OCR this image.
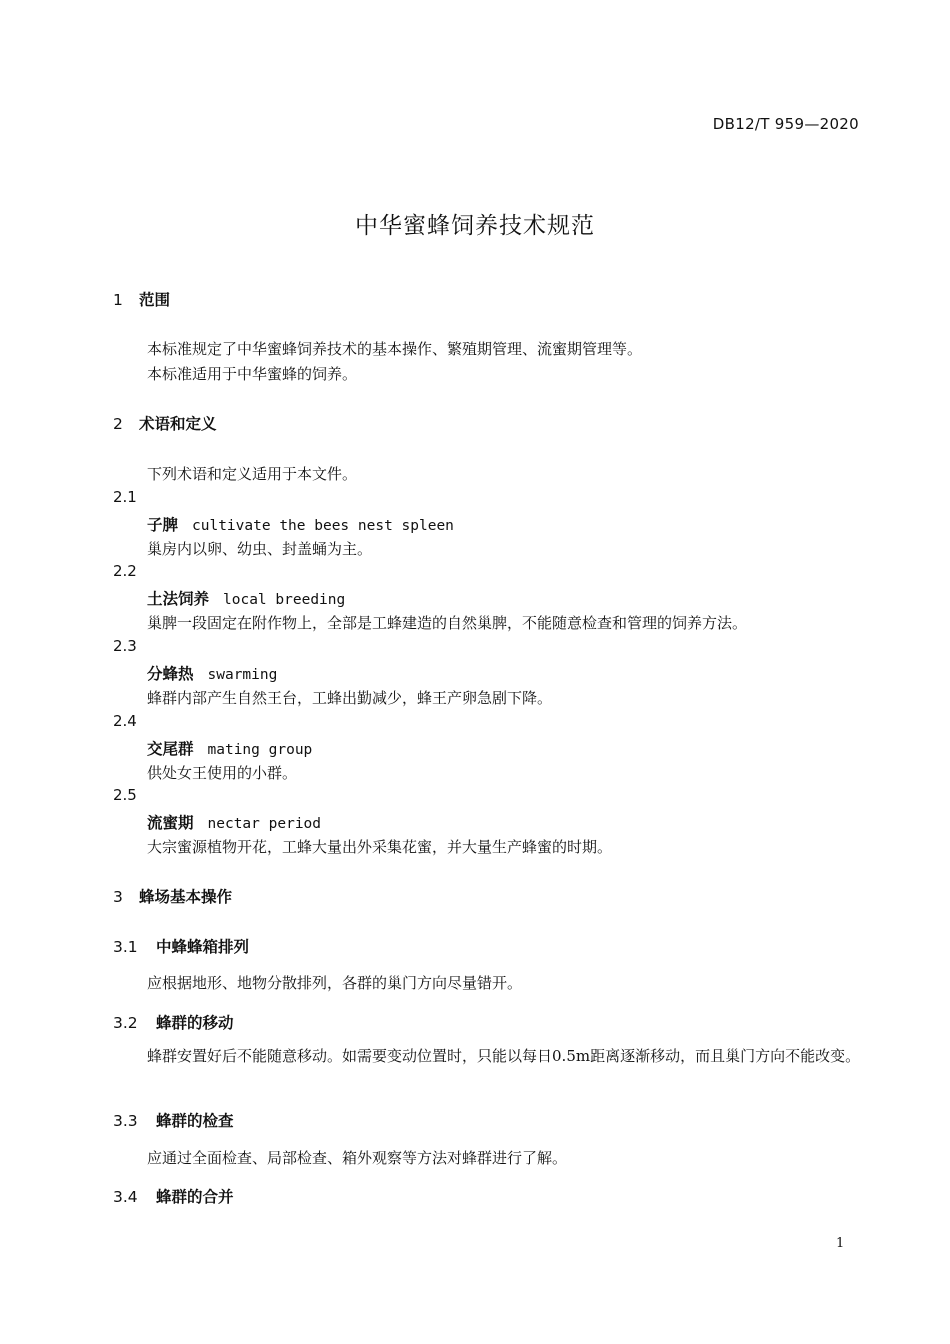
DB12/T 959—2020
中华蜜蜂饲养技术规范
1 范围
本标准规定了中华蜜蜂饲养技术的基本操作、繁殖期管理、流蜜期管理等。
本标准适用于中华蜜蜂的饲养。
2 术语和定义
下列术语和定义适用于本文件。
2.1
子脾 cultivate the bees nest spleen
巢房内以卵、幼虫、封盖蛹为主。
2.2
土法饲养 local breeding
巢脾一段固定在附作物上，全部是工蜂建造的自然巢脾，不能随意检查和管理的饲养方法。
2.3
分蜂热 swarming
蜂群内部产生自然王台，工蜂出勤减少，蜂王产卵急剧下降。
2.4
交尾群 mating group
供处女王使用的小群。
2.5
流蜜期 nectar period
大宗蜜源植物开花，工蜂大量出外采集花蜜，并大量生产蜂蜜的时期。
3 蜂场基本操作
3.1 中蜂蜂箱排列
应根据地形、地物分散排列，各群的巢门方向尽量错开。
3.2 蜂群的移动
蜂群安置好后不能随意移动。如需要变动位置时，只能以每日0.5m距离逐渐移动，而且巢门方向不能改变。
3.3 蜂群的检查
应通过全面检查、局部检查、箱外观察等方法对蜂群进行了解。
3.4 蜂群的合并
1
